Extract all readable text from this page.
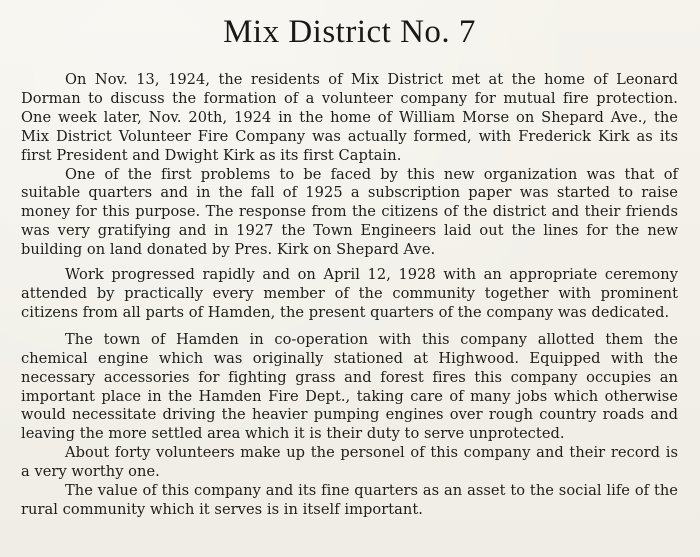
Mix District No. 7

On Nov. 13, 1924, the residents of Mix District met at the home of Leonard Dorman to discuss the formation of a volunteer company for mutual fire protection. One week later, Nov. 20th, 1924 in the home of William Morse on Shepard Ave., the Mix District Volunteer Fire Company was actually formed, with Frederick Kirk as its first President and Dwight Kirk as its first Captain.

One of the first problems to be faced by this new organization was that of suitable quarters and in the fall of 1925 a subscription paper was started to raise money for this purpose. The response from the citizens of the district and their friends was very gratifying and in 1927 the Town Engineers laid out the lines for the new building on land donated by Pres. Kirk on Shepard Ave.

Work progressed rapidly and on April 12, 1928 with an appropriate ceremony attended by practically every member of the community together with prominent citizens from all parts of Hamden, the present quarters of the company was dedicated.

The town of Hamden in co-operation with this company allotted them the chemical engine which was originally stationed at Highwood. Equipped with the necessary accessories for fighting grass and forest fires this company occupies an important place in the Hamden Fire Dept., taking care of many jobs which otherwise would necessitate driving the heavier pumping engines over rough country roads and leaving the more settled area which it is their duty to serve unprotected.

About forty volunteers make up the personel of this company and their record is a very worthy one.

The value of this company and its fine quarters as an asset to the social life of the rural community which it serves is in itself important.
